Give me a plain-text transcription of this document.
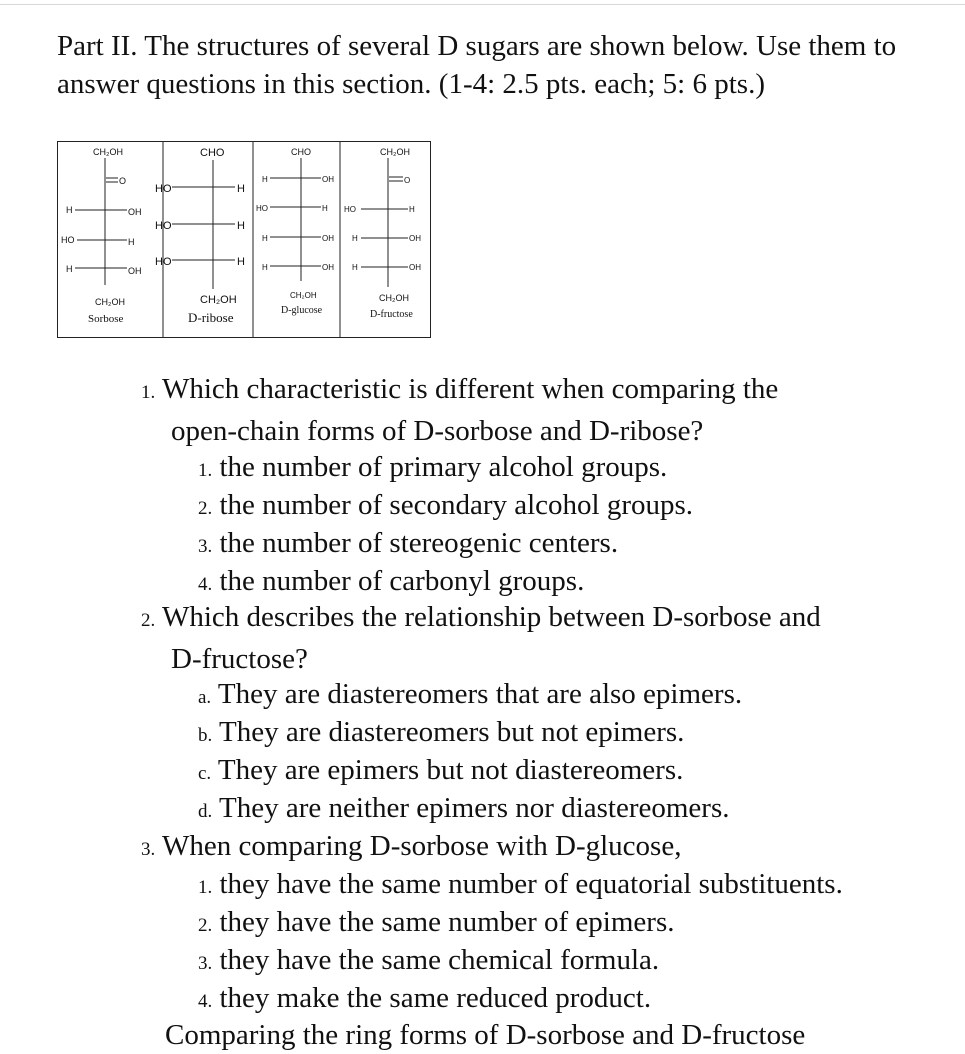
Part II. The structures of several D sugars are shown below. Use them to answer questions in this section. (1-4: 2.5 pts. each; 5: 6 pts.)
CH₂OH
O
H	OH
HO	H
H	OH
CH₂OH
Sorbose
CHO
HO	H
HO	H
HO	H
CH₂OH
D-ribose
CHO
H	OH
HO	H
H	OH
H	OH
CH₂OH
D-glucose
CH₂OH
O
HO	H
H	OH
H	OH
CH₂OH
D-fructose
1. Which characteristic is different when comparing the
open-chain forms of D-sorbose and D-ribose?
1. the number of primary alcohol groups.
2. the number of secondary alcohol groups.
3. the number of stereogenic centers.
4. the number of carbonyl groups.
2. Which describes the relationship between D-sorbose and
D-fructose?
a. They are diastereomers that are also epimers.
b. They are diastereomers but not epimers.
c. They are epimers but not diastereomers.
d. They are neither epimers nor diastereomers.
3. When comparing D-sorbose with D-glucose,
1. they have the same number of equatorial substituents.
2. they have the same number of epimers.
3. they have the same chemical formula.
4. they make the same reduced product.
Comparing the ring forms of D-sorbose and D-fructose
